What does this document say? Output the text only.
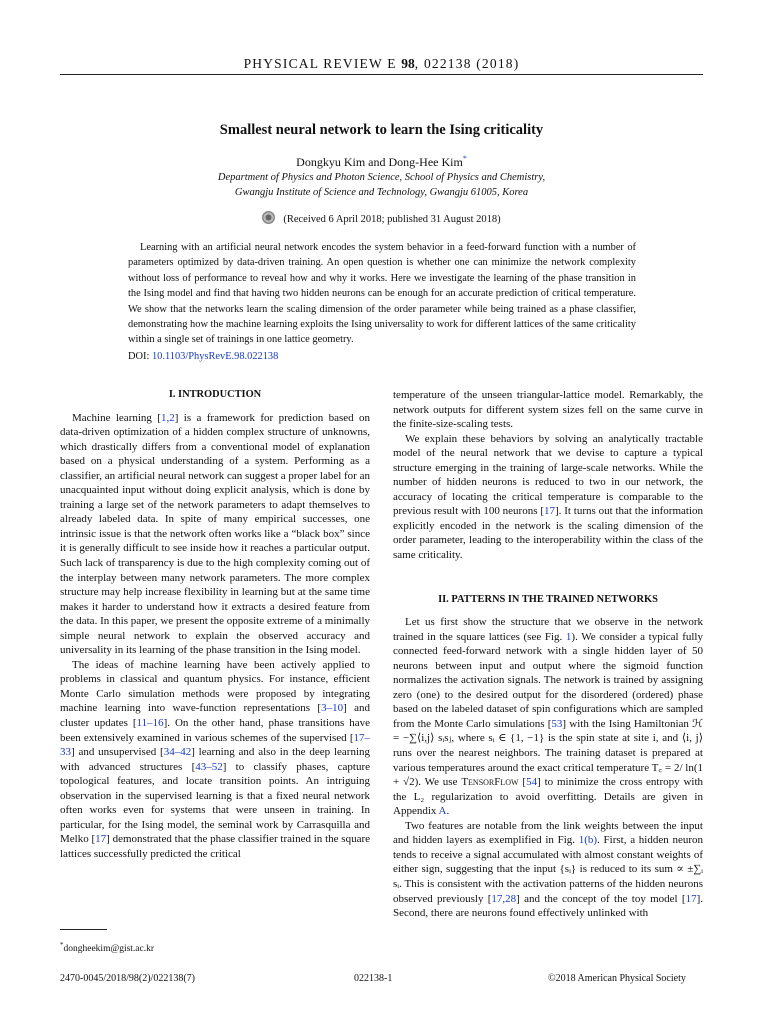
PHYSICAL REVIEW E 98, 022138 (2018)
Smallest neural network to learn the Ising criticality
Dongkyu Kim and Dong-Hee Kim*
Department of Physics and Photon Science, School of Physics and Chemistry,
Gwangju Institute of Science and Technology, Gwangju 61005, Korea
(Received 6 April 2018; published 31 August 2018)

Learning with an artificial neural network encodes the system behavior in a feed-forward function with a number of parameters optimized by data-driven training. An open question is whether one can minimize the network complexity without loss of performance to reveal how and why it works. Here we investigate the learning of the phase transition in the Ising model and find that having two hidden neurons can be enough for an accurate prediction of critical temperature. We show that the networks learn the scaling dimension of the order parameter while being trained as a phase classifier, demonstrating how the machine learning exploits the Ising universality to work for different lattices of the same criticality within a single set of trainings in one lattice geometry.

DOI: 10.1103/PhysRevE.98.022138
I. INTRODUCTION

Machine learning [1,2] is a framework for prediction based on data-driven optimization of a hidden complex structure of unknowns, which drastically differs from a conventional model of explanation based on a physical understanding of a system. Performing as a classifier, an artificial neural network can suggest a proper label for an unacquainted input without doing explicit analysis, which is done by training a large set of the network parameters to adapt themselves to already labeled data. In spite of many empirical successes, one intrinsic issue is that the network often works like a “black box” since it is generally difficult to see inside how it reaches a particular output. Such lack of transparency is due to the high complexity coming out of the interplay between many network parameters. The more complex structure may help increase flexibility in learning but at the same time makes it harder to understand how it extracts a desired feature from the data. In this paper, we present the opposite extreme of a minimally simple neural network to explain the observed accuracy and universality in its learning of the phase transition in the Ising model.

The ideas of machine learning have been actively applied to problems in classical and quantum physics. For instance, efficient Monte Carlo simulation methods were proposed by integrating machine learning into wave-function representations [3–10] and cluster updates [11–16]. On the other hand, phase transitions have been extensively examined in various schemes of the supervised [17–33] and unsupervised [34–42] learning and also in the deep learning with advanced structures [43–52] to classify phases, capture topological features, and locate transition points. An intriguing observation in the supervised learning is that a fixed neural network often works even for systems that were unseen in training. In particular, for the Ising model, the seminal work by Carrasquilla and Melko [17] demonstrated that the phase classifier trained in the square lattices successfully predicted the critical

temperature of the unseen triangular-lattice model. Remarkably, the network outputs for different system sizes fell on the same curve in the finite-size-scaling tests.

We explain these behaviors by solving an analytically tractable model of the neural network that we devise to capture a typical structure emerging in the training of large-scale networks. While the number of hidden neurons is reduced to two in our network, the accuracy of locating the critical temperature is comparable to the previous result with 100 neurons [17]. It turns out that the information explicitly encoded in the network is the scaling dimension of the order parameter, leading to the interoperability within the class of the same criticality.

II. PATTERNS IN THE TRAINED NETWORKS

Let us first show the structure that we observe in the network trained in the square lattices (see Fig. 1). We consider a typical fully connected feed-forward network with a single hidden layer of 50 neurons between input and output where the sigmoid function normalizes the activation signals. The network is trained by assigning zero (one) to the desired output for the disordered (ordered) phase based on the labeled dataset of spin configurations which are sampled from the Monte Carlo simulations [53] with the Ising Hamiltonian ℋ = −∑⟨i,j⟩ sᵢsⱼ, where sᵢ ∈ {1, −1} is the spin state at site i, and ⟨i, j⟩ runs over the nearest neighbors. The training dataset is prepared at various temperatures around the exact critical temperature T꜀ = 2/ ln(1 + √2). We use TensorFlow [54] to minimize the cross entropy with the L₂ regularization to avoid overfitting. Details are given in Appendix A.

Two features are notable from the link weights between the input and hidden layers as exemplified in Fig. 1(b). First, a hidden neuron tends to receive a signal accumulated with almost constant weights of either sign, suggesting that the input {sᵢ} is reduced to its sum ∝ ±∑ᵢ sᵢ. This is consistent with the activation patterns of the hidden neurons observed previously [17,28] and the concept of the toy model [17]. Second, there are neurons found effectively unlinked with

*dongheekim@gist.ac.kr
2470-0045/2018/98(2)/022138(7)	022138-1	©2018 American Physical Society
